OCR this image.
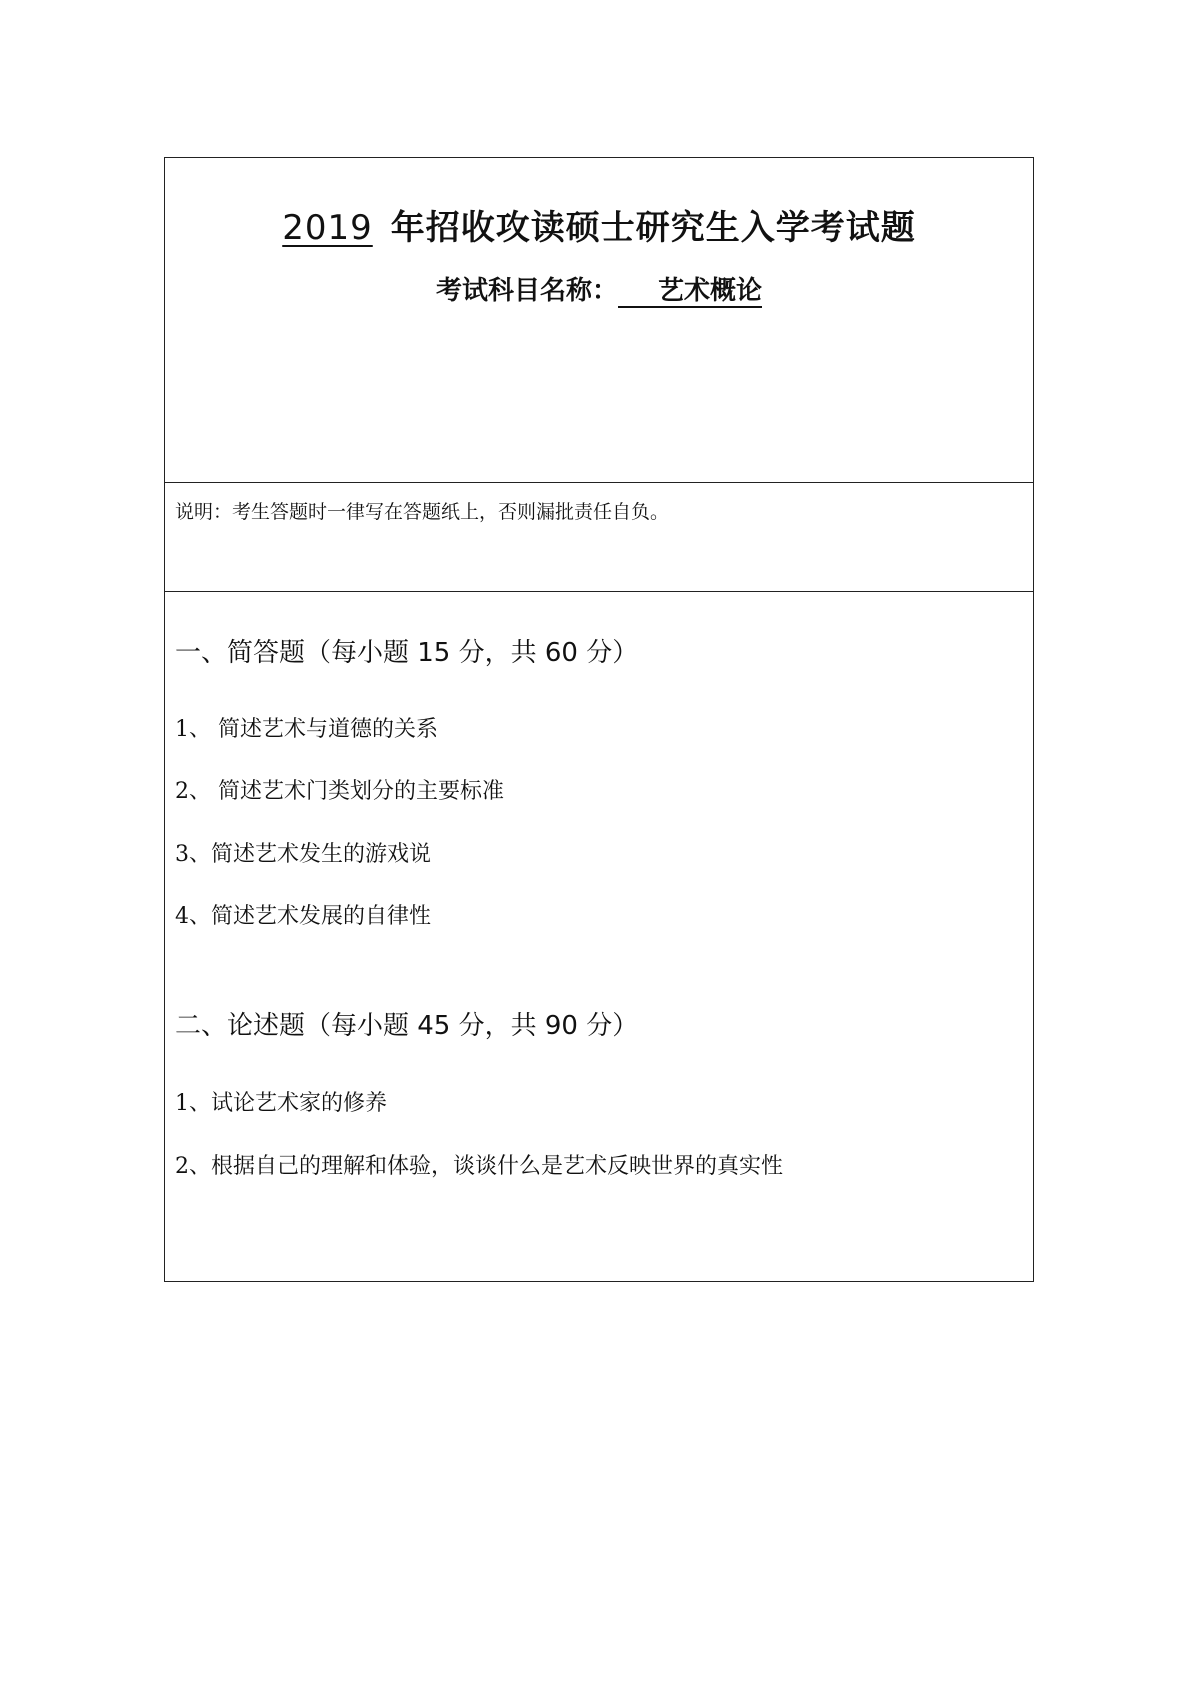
2019 年招收攻读硕士研究生入学考试题
考试科目名称： 艺术概论
说明：考生答题时一律写在答题纸上，否则漏批责任自负。
一、简答题（每小题 15 分，共 60 分）
1、 简述艺术与道德的关系
2、 简述艺术门类划分的主要标准
3、简述艺术发生的游戏说
4、简述艺术发展的自律性
二、论述题（每小题 45 分，共 90 分）
1、试论艺术家的修养
2、根据自己的理解和体验，谈谈什么是艺术反映世界的真实性
